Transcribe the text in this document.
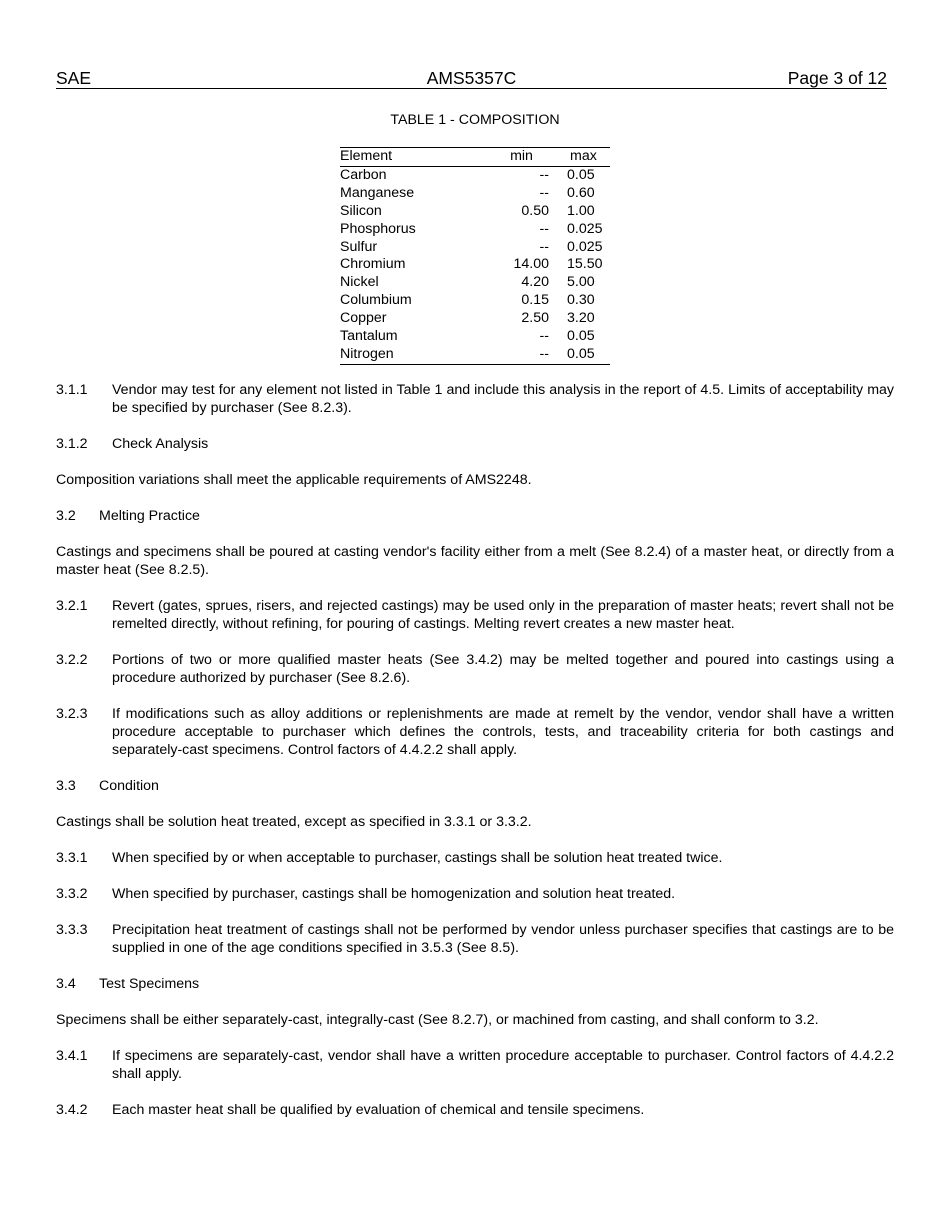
AMS5357C
SAE	Page 3 of 12
TABLE 1 - COMPOSITION
Element	min	max
Carbon	--	0.05
Manganese	--	0.60
Silicon	0.50	1.00
Phosphorus	--	0.025
Sulfur	--	0.025
Chromium	14.00	15.50
Nickel	4.20	5.00
Columbium	0.15	0.30
Copper	2.50	3.20
Tantalum	--	0.05
Nitrogen	--	0.05
3.1.1	Vendor may test for any element not listed in Table 1 and include this analysis in the report of 4.5. Limits of acceptability may be specified by purchaser (See 8.2.3).
3.1.2	Check Analysis

Composition variations shall meet the applicable requirements of AMS2248.

3.2 Melting Practice

Castings and specimens shall be poured at casting vendor's facility either from a melt (See 8.2.4) of a master heat, or directly from a master heat (See 8.2.5).

3.2.1	Revert (gates, sprues, risers, and rejected castings) may be used only in the preparation of master heats; revert shall not be remelted directly, without refining, for pouring of castings. Melting revert creates a new master heat.
3.2.2	Portions of two or more qualified master heats (See 3.4.2) may be melted together and poured into castings using a procedure authorized by purchaser (See 8.2.6).
3.2.3	If modifications such as alloy additions or replenishments are made at remelt by the vendor, vendor shall have a written procedure acceptable to purchaser which defines the controls, tests, and traceability criteria for both castings and separately-cast specimens. Control factors of 4.4.2.2 shall apply.
3.3 Condition

Castings shall be solution heat treated, except as specified in 3.3.1 or 3.3.2.

3.3.1	When specified by or when acceptable to purchaser, castings shall be solution heat treated twice.
3.3.2	When specified by purchaser, castings shall be homogenization and solution heat treated.
3.3.3	Precipitation heat treatment of castings shall not be performed by vendor unless purchaser specifies that castings are to be supplied in one of the age conditions specified in 3.5.3 (See 8.5).
3.4 Test Specimens

Specimens shall be either separately-cast, integrally-cast (See 8.2.7), or machined from casting, and shall conform to 3.2.

3.4.1	If specimens are separately-cast, vendor shall have a written procedure acceptable to purchaser. Control factors of 4.4.2.2 shall apply.
3.4.2	Each master heat shall be qualified by evaluation of chemical and tensile specimens.
